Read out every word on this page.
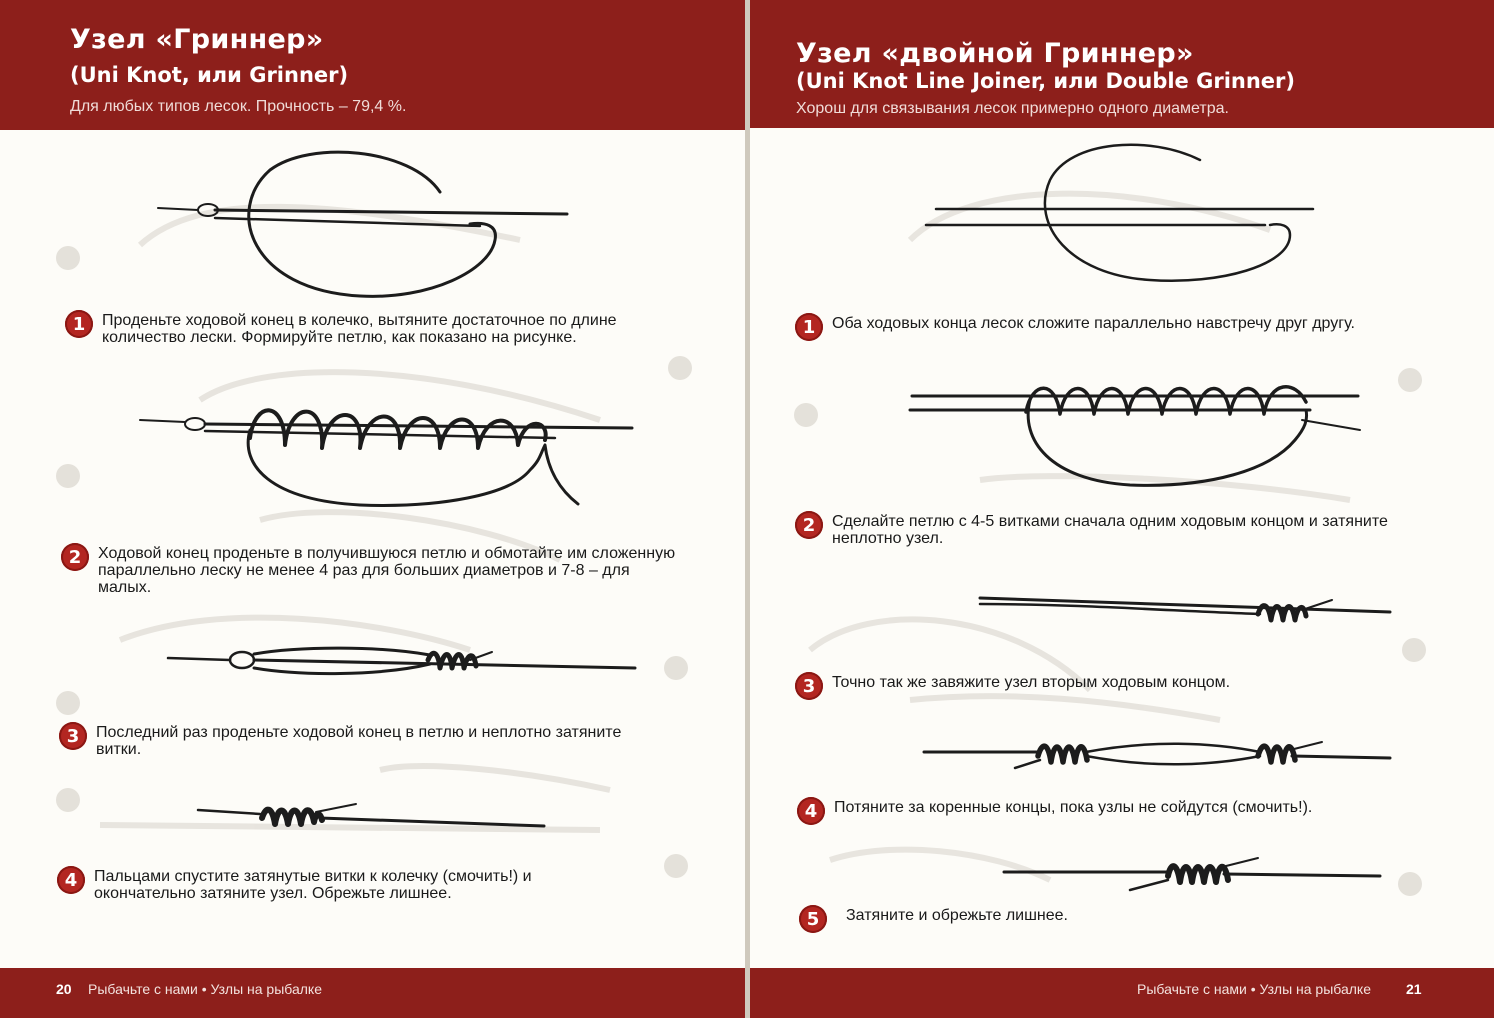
Узел «Гриннер»
(Uni Knot, или Grinner)
Для любых типов лесок. Прочность – 79,4 %.
1	Проденьте ходовой конец в колечко, вытяните достаточное по длине количество лески. Формируйте петлю, как показано на рисунке.
2	Ходовой конец проденьте в получившуюся петлю и обмотайте им сложенную параллельно леску не менее 4 раз для больших диаметров и 7-8 – для малых.
3	Последний раз проденьте ходовой конец в петлю и неплотно затяните витки.
4	Пальцами спустите затянутые витки к колечку (смочить!) и окончательно затяните узел. Обрежьте лишнее.
20 Рыбачьте с нами • Узлы на рыбалке
Узел «двойной Гриннер»
(Uni Knot Line Joiner, или Double Grinner)
Хорош для связывания лесок примерно одного диаметра.
1	Оба ходовых конца лесок сложите параллельно навстречу друг другу.
2	Сделайте петлю с 4-5 витками сначала одним ходовым концом и затяните неплотно узел.
3	Точно так же завяжите узел вторым ходовым концом.
4	Потяните за коренные концы, пока узлы не сойдутся (смочить!).
5	Затяните и обрежьте лишнее.
Рыбачьте с нами • Узлы на рыбалке 21
